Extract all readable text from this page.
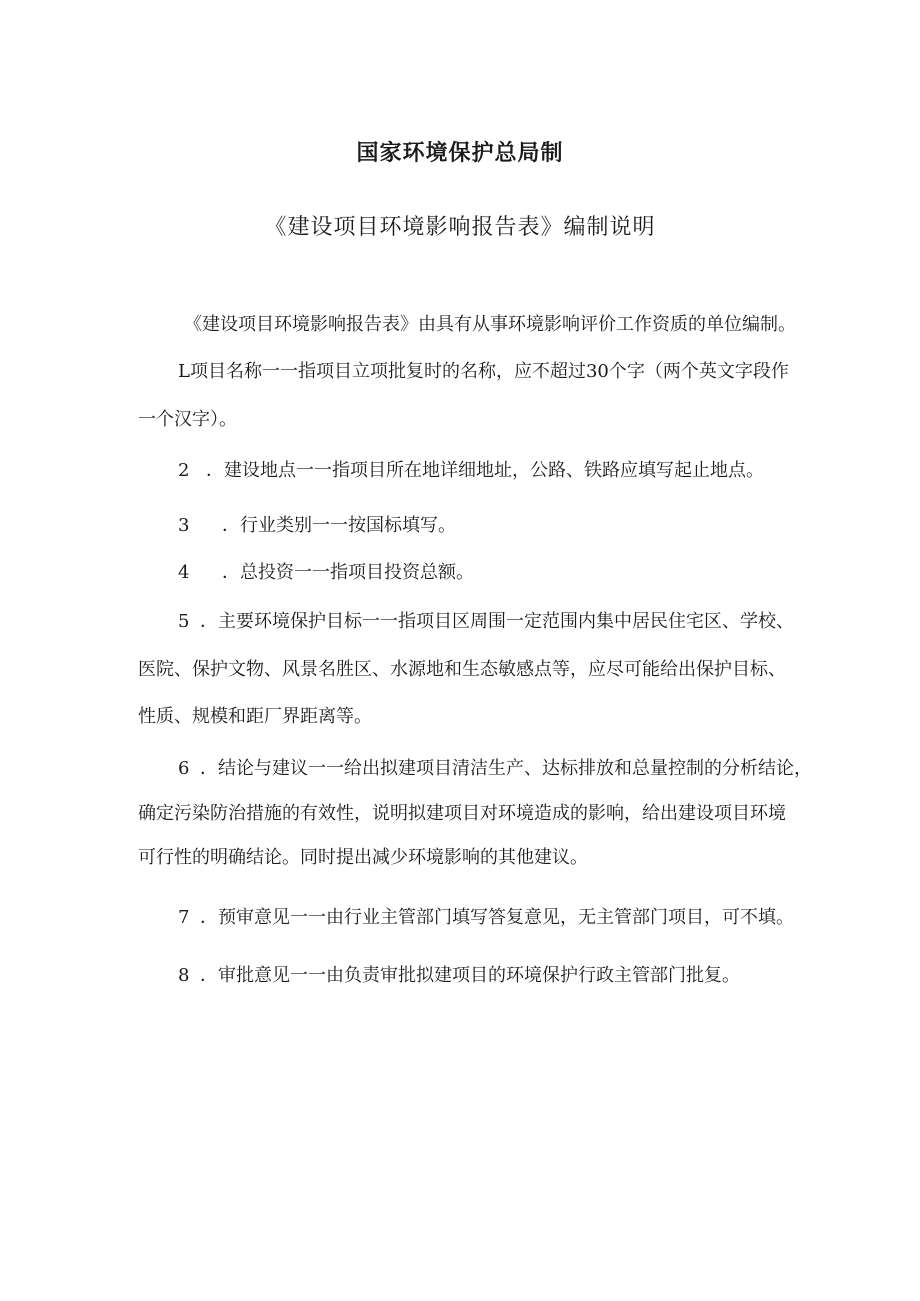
国家环境保护总局制
《建设项目环境影响报告表》编制说明
《建设项目环境影响报告表》由具有从事环境影响评价工作资质的单位编制。
L项目名称一一指项目立项批复时的名称，应不超过30个字（两个英文字段作
一个汉字）。
2 ．建设地点一一指项目所在地详细地址，公路、铁路应填写起止地点。
3 ．行业类别一一按国标填写。
4 ．总投资一一指项目投资总额。
5 ．主要环境保护目标一一指项目区周围一定范围内集中居民住宅区、学校、
医院、保护文物、风景名胜区、水源地和生态敏感点等，应尽可能给出保护目标、
性质、规模和距厂界距离等。
6 ．结论与建议一一给出拟建项目清洁生产、达标排放和总量控制的分析结论，
确定污染防治措施的有效性，说明拟建项目对环境造成的影响，给出建设项目环境
可行性的明确结论。同时提出减少环境影响的其他建议。
7 ．预审意见一一由行业主管部门填写答复意见，无主管部门项目，可不填。
8 ．审批意见一一由负责审批拟建项目的环境保护行政主管部门批复。
